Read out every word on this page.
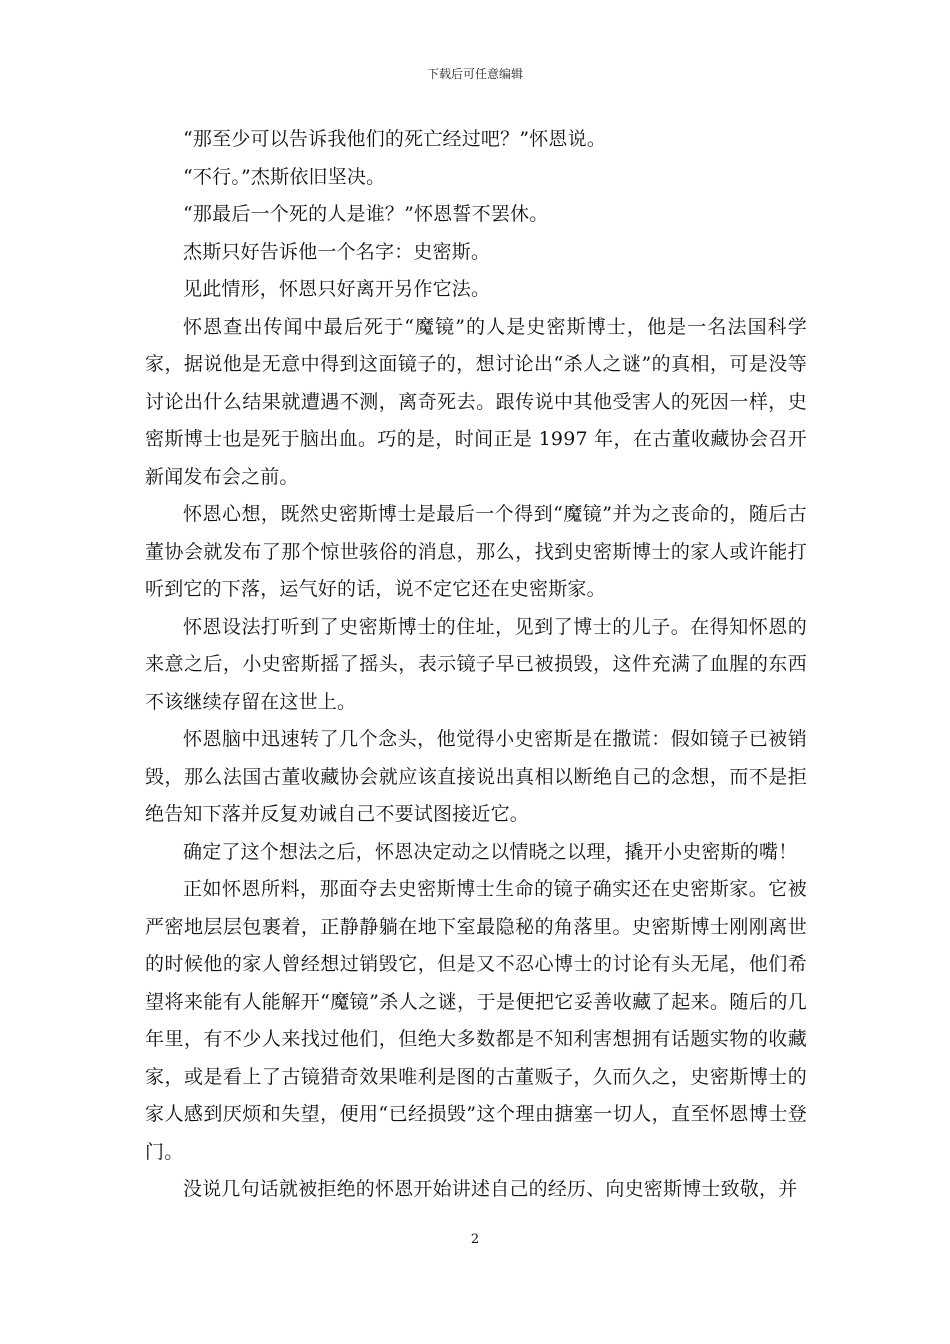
下载后可任意编辑

“那至少可以告诉我他们的死亡经过吧？”怀恩说。

“不行。”杰斯依旧坚决。

“那最后一个死的人是谁？”怀恩誓不罢休。

杰斯只好告诉他一个名字：史密斯。

见此情形，怀恩只好离开另作它法。

怀恩查出传闻中最后死于“魔镜”的人是史密斯博士，他是一名法国科学家，据说他是无意中得到这面镜子的，想讨论出“杀人之谜”的真相，可是没等讨论出什么结果就遭遇不测，离奇死去。跟传说中其他受害人的死因一样，史密斯博士也是死于脑出血。巧的是，时间正是 1997 年，在古董收藏协会召开新闻发布会之前。

怀恩心想，既然史密斯博士是最后一个得到“魔镜”并为之丧命的，随后古董协会就发布了那个惊世骇俗的消息，那么，找到史密斯博士的家人或许能打听到它的下落，运气好的话，说不定它还在史密斯家。

怀恩设法打听到了史密斯博士的住址，见到了博士的儿子。在得知怀恩的来意之后，小史密斯摇了摇头，表示镜子早已被损毁，这件充满了血腥的东西不该继续存留在这世上。

怀恩脑中迅速转了几个念头，他觉得小史密斯是在撒谎：假如镜子已被销毁，那么法国古董收藏协会就应该直接说出真相以断绝自己的念想，而不是拒绝告知下落并反复劝诫自己不要试图接近它。

确定了这个想法之后，怀恩决定动之以情晓之以理，撬开小史密斯的嘴！

正如怀恩所料，那面夺去史密斯博士生命的镜子确实还在史密斯家。它被严密地层层包裹着，正静静躺在地下室最隐秘的角落里。史密斯博士刚刚离世的时候他的家人曾经想过销毁它，但是又不忍心博士的讨论有头无尾，他们希望将来能有人能解开“魔镜”杀人之谜，于是便把它妥善收藏了起来。随后的几年里，有不少人来找过他们，但绝大多数都是不知利害想拥有话题实物的收藏家，或是看上了古镜猎奇效果唯利是图的古董贩子，久而久之，史密斯博士的家人感到厌烦和失望，便用“已经损毁”这个理由搪塞一切人，直至怀恩博士登门。

没说几句话就被拒绝的怀恩开始讲述自己的经历、向史密斯博士致敬，并

2
